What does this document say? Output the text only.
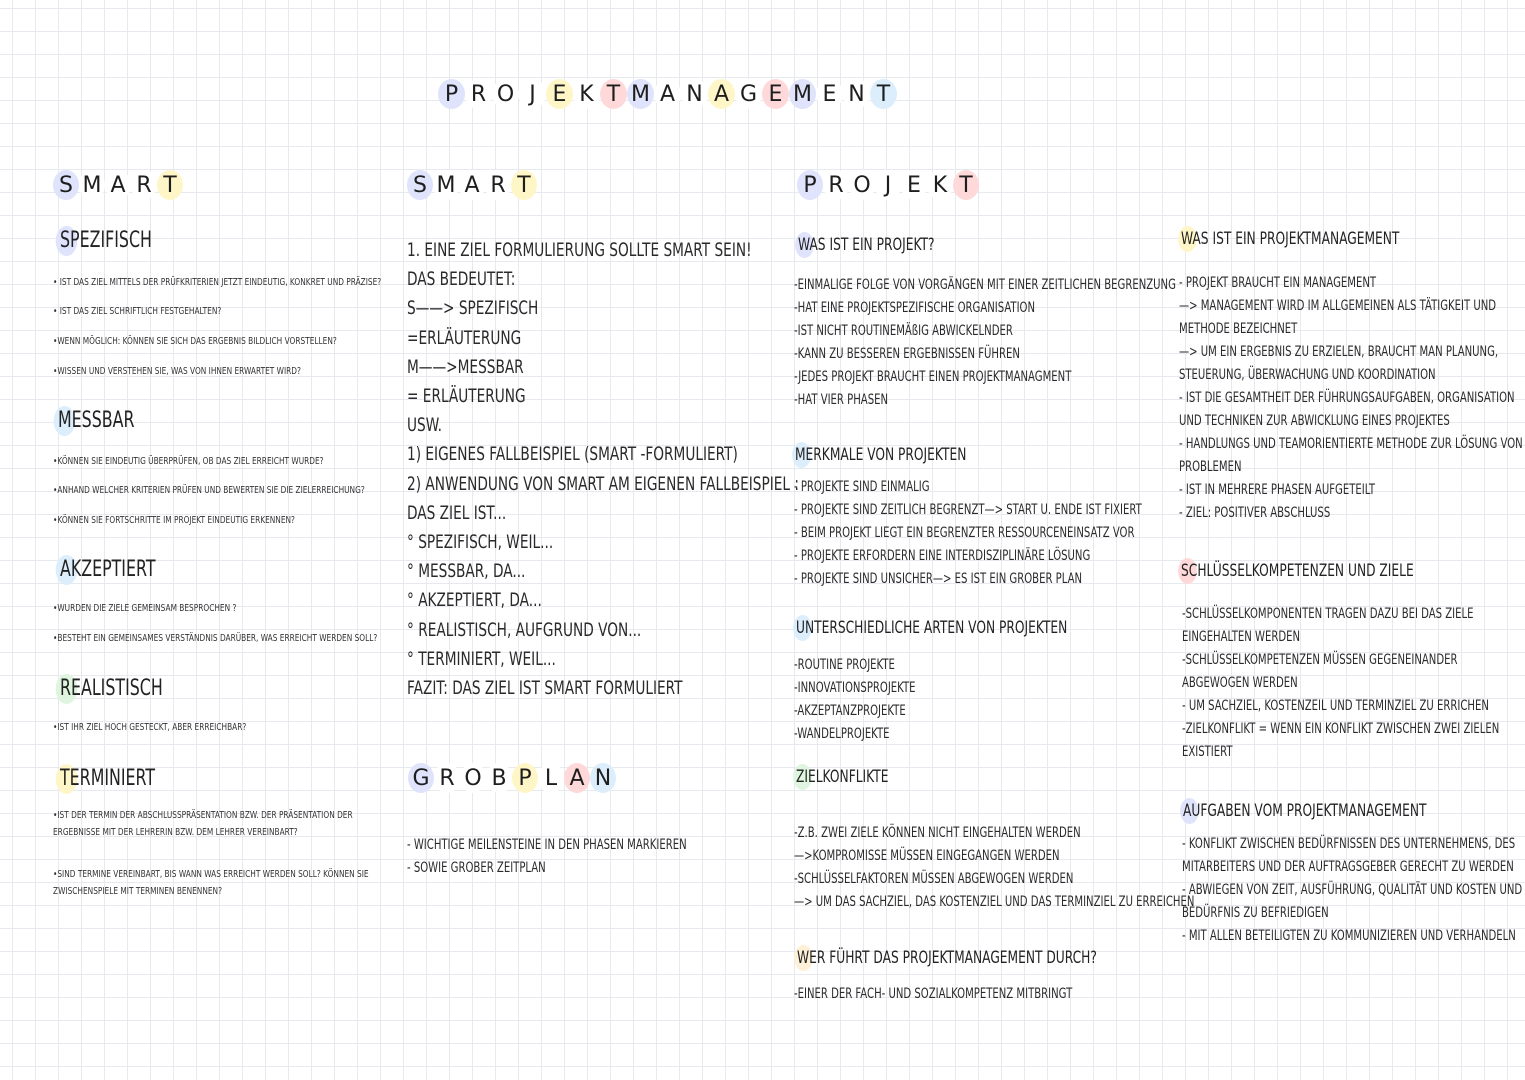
P R O J E K T M A N A G E M E N T
S M A R T	S M A R T	P R O J E K T
G R O B P L A N
SPEZIFISCH
• IST DAS ZIEL MITTELS DER PRÜFKRITERIEN JETZT EINDEUTIG, KONKRET UND PRÄZISE?
• IST DAS ZIEL SCHRIFTLICH FESTGEHALTEN?
•WENN MÖGLICH: KÖNNEN SIE SICH DAS ERGEBNIS BILDLICH VORSTELLEN?
•WISSEN UND VERSTEHEN SIE, WAS VON IHNEN ERWARTET WIRD?
MESSBAR
•KÖNNEN SIE EINDEUTIG ÜBERPRÜFEN, OB DAS ZIEL ERREICHT WURDE?
•ANHAND WELCHER KRITERIEN PRÜFEN UND BEWERTEN SIE DIE ZIELERREICHUNG?
•KÖNNEN SIE FORTSCHRITTE IM PROJEKT EINDEUTIG ERKENNEN?
AKZEPTIERT
•WURDEN DIE ZIELE GEMEINSAM BESPROCHEN ?
•BESTEHT EIN GEMEINSAMES VERSTÄNDNIS DARÜBER, WAS ERREICHT WERDEN SOLL?
REALISTISCH
•IST IHR ZIEL HOCH GESTECKT, ABER ERREICHBAR?
TERMINIERT
•IST DER TERMIN DER ABSCHLUSSPRÄSENTATION BZW. DER PRÄSENTATION DER
ERGEBNISSE MIT DER LEHRERIN BZW. DEM LEHRER VEREINBART?
•SIND TERMINE VEREINBART, BIS WANN WAS ERREICHT WERDEN SOLL? KÖNNEN SIE
ZWISCHENSPIELE MIT TERMINEN BENENNEN?
1. EINE ZIEL FORMULIERUNG SOLLTE SMART SEIN!
DAS BEDEUTET:
S——> SPEZIFISCH
=ERLÄUTERUNG
M——>MESSBAR
= ERLÄUTERUNG
USW.
1) EIGENES FALLBEISPIEL (SMART -FORMULIERT)
2) ANWENDUNG VON SMART AM EIGENEN FALLBEISPIEL :
DAS ZIEL IST...
° SPEZIFISCH, WEIL...
° MESSBAR, DA...
° AKZEPTIERT, DA...
° REALISTISCH, AUFGRUND VON...
° TERMINIERT, WEIL...
FAZIT: DAS ZIEL IST SMART FORMULIERT
- WICHTIGE MEILENSTEINE IN DEN PHASEN MARKIEREN
- SOWIE GROBER ZEITPLAN
WAS IST EIN PROJEKT?
-EINMALIGE FOLGE VON VORGÄNGEN MIT EINER ZEITLICHEN BEGRENZUNG
-HAT EINE PROJEKTSPEZIFISCHE ORGANISATION
-IST NICHT ROUTINEMÄßIG ABWICKELNDER
-KANN ZU BESSEREN ERGEBNISSEN FÜHREN
-JEDES PROJEKT BRAUCHT EINEN PROJEKTMANAGMENT
-HAT VIER PHASEN
MERKMALE VON PROJEKTEN
- PROJEKTE SIND EINMALIG
- PROJEKTE SIND ZEITLICH BEGRENZT—> START U. ENDE IST FIXIERT
- BEIM PROJEKT LIEGT EIN BEGRENZTER RESSOURCENEINSATZ VOR
- PROJEKTE ERFORDERN EINE INTERDISZIPLINÄRE LÖSUNG
- PROJEKTE SIND UNSICHER—> ES IST EIN GROBER PLAN
UNTERSCHIEDLICHE ARTEN VON PROJEKTEN
-ROUTINE PROJEKTE
-INNOVATIONSPROJEKTE
-AKZEPTANZPROJEKTE
-WANDELPROJEKTE
ZIELKONFLIKTE
-Z.B. ZWEI ZIELE KÖNNEN NICHT EINGEHALTEN WERDEN
—>KOMPROMISSE MÜSSEN EINGEGANGEN WERDEN
-SCHLÜSSELFAKTOREN MÜSSEN ABGEWOGEN WERDEN
—> UM DAS SACHZIEL, DAS KOSTENZIEL UND DAS TERMINZIEL ZU ERREICHEN
WER FÜHRT DAS PROJEKTMANAGEMENT DURCH?
-EINER DER FACH- UND SOZIALKOMPETENZ MITBRINGT
WAS IST EIN PROJEKTMANAGEMENT
- PROJEKT BRAUCHT EIN MANAGEMENT
—> MANAGEMENT WIRD IM ALLGEMEINEN ALS TÄTIGKEIT UND
METHODE BEZEICHNET
—> UM EIN ERGEBNIS ZU ERZIELEN, BRAUCHT MAN PLANUNG,
STEUERUNG, ÜBERWACHUNG UND KOORDINATION
- IST DIE GESAMTHEIT DER FÜHRUNGSAUFGABEN, ORGANISATION
UND TECHNIKEN ZUR ABWICKLUNG EINES PROJEKTES
- HANDLUNGS UND TEAMORIENTIERTE METHODE ZUR LÖSUNG VON
PROBLEMEN
- IST IN MEHRERE PHASEN AUFGETEILT
- ZIEL: POSITIVER ABSCHLUSS
SCHLÜSSELKOMPETENZEN UND ZIELE
-SCHLÜSSELKOMPONENTEN TRAGEN DAZU BEI DAS ZIELE
EINGEHALTEN WERDEN
-SCHLÜSSELKOMPETENZEN MÜSSEN GEGENEINANDER
ABGEWOGEN WERDEN
- UM SACHZIEL, KOSTENZEIL UND TERMINZIEL ZU ERRICHEN
-ZIELKONFLIKT = WENN EIN KONFLIKT ZWISCHEN ZWEI ZIELEN
EXISTIERT
AUFGABEN VOM PROJEKTMANAGEMENT
- KONFLIKT ZWISCHEN BEDÜRFNISSEN DES UNTERNEHMENS, DES
MITARBEITERS UND DER AUFTRAGSGEBER GERECHT ZU WERDEN
- ABWIEGEN VON ZEIT, AUSFÜHRUNG, QUALITÄT UND KOSTEN UND
BEDÜRFNIS ZU BEFRIEDIGEN
- MIT ALLEN BETEILIGTEN ZU KOMMUNIZIEREN UND VERHANDELN
